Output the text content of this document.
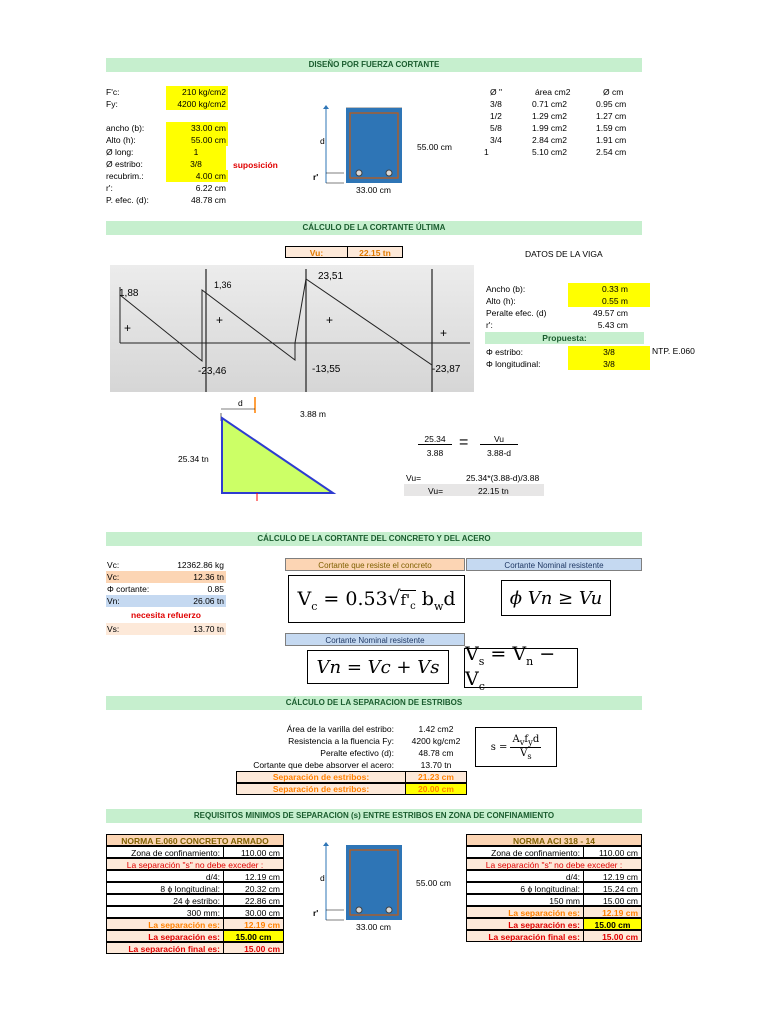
DISEÑO POR FUERZA CORTANTE
F'c:	210 kg/cm2
Fy:	4200 kg/cm2
ancho (b):	33.00 cm
Alto (h):	55.00 cm
Ø long:	1
Ø estribo:	3/8
recubrim.:	4.00 cm
r':	6.22 cm
P. efec. (d):	48.78 cm
suposición
d
r'
55.00 cm
33.00 cm
Ø "	área cm2	Ø cm
3/8	0.71 cm2	0.95 cm
1/2	1.29 cm2	1.27 cm
5/8	1.99 cm2	1.59 cm
3/4	2.84 cm2	1.91 cm
1	5.10 cm2	2.54 cm
CÁLCULO DE LA CORTANTE ÚLTIMA
Vu:	22.15 tn
1,88
1,36
23,51
-23,46	-13,55	-23,87
+
+	+
+
DATOS DE LA VIGA
Ancho (b):	0.33 m
Alto (h):	0.55 m
Peralte efec. (d)	49.57 cm
r':	5.43 cm
Propuesta:
Φ estribo:	3/8
Φ longitudinal:	3/8
NTP. E.060
d
3.88 m
25.34 tn
25.34
3.88
=	Vu
3.88-d
Vu=	25.34*(3.88-d)/3.88
Vu=	22.15 tn
CÁLCULO DE LA CORTANTE DEL CONCRETO Y DEL ACERO
Vc:	12362.86 kg
Vc:	12.36 tn
Φ cortante:	0.85
Vn:	26.06 tn
necesita refuerzo
Vs:	13.70 tn
Cortante que resiste el concreto	Cortante Nominal resistente
Cortante Nominal resistente
$V_c = 0.53√f'_c$ $b_wd$	ϕ Vn ≥ Vu
Vn = Vc + Vs
$V_s = V_n - V_c$
CÁLCULO DE LA SEPARACION DE ESTRIBOS
Área de la varilla del estribo:	1.42 cm2
Resistencia a la fluencia Fy:	4200 kg/cm2
Peralte efectivo (d):	48.78 cm
Cortante que debe absorver el acero:	13.70 tn
Separación de estribos:	21.23 cm
Separación de estribos:	20.00 cm
s =
$A_vf_yd$
$V_s$
REQUISITOS MINIMOS DE SEPARACION (s) ENTRE ESTRIBOS EN ZONA DE CONFINAMIENTO
NORMA E.060 CONCRETO ARMADO
Zona de confinamiento:	110.00 cm
La separación "s" no debe exceder :
d/4:	12.19 cm
8 ϕ longitudinal:	20.32 cm
24 ϕ estribo:	22.86 cm
300 mm:	30.00 cm
La separación es:	12.19 cm
La separación es:	15.00 cm
La separación final es:	15.00 cm
NORMA ACI 318 - 14
Zona de confinamiento:	110.00 cm
La separación "s" no debe exceder :
d/4:	12.19 cm
6 ϕ longitudinal:	15.24 cm
150 mm	15.00 cm
La separación es:	12.19 cm
La separación es:	15.00 cm
La separación final es:	15.00 cm
d
r'
55.00 cm
33.00 cm
